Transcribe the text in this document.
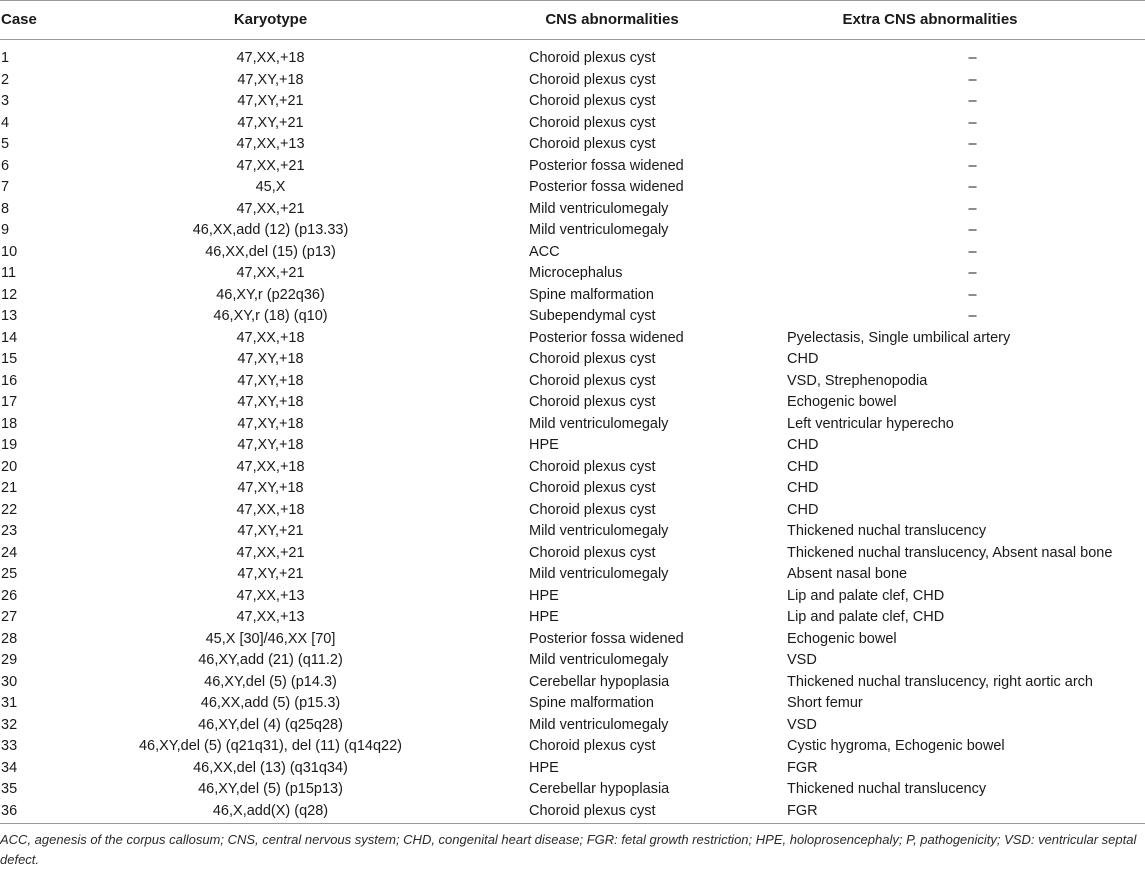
Case	Karyotype	CNS abnormalities	Extra CNS abnormalities
1	47,XX,+18	Choroid plexus cyst	–
2	47,XY,+18	Choroid plexus cyst	–
3	47,XY,+21	Choroid plexus cyst	–
4	47,XY,+21	Choroid plexus cyst	–
5	47,XX,+13	Choroid plexus cyst	–
6	47,XX,+21	Posterior fossa widened	–
7	45,X	Posterior fossa widened	–
8	47,XX,+21	Mild ventriculomegaly	–
9	46,XX,add (12) (p13.33)	Mild ventriculomegaly	–
10	46,XX,del (15) (p13)	ACC	–
11	47,XX,+21	Microcephalus	–
12	46,XY,r (p22q36)	Spine malformation	–
13	46,XY,r (18) (q10)	Subependymal cyst	–
14	47,XX,+18	Posterior fossa widened	Pyelectasis, Single umbilical artery
15	47,XY,+18	Choroid plexus cyst	CHD
16	47,XY,+18	Choroid plexus cyst	VSD, Strephenopodia
17	47,XY,+18	Choroid plexus cyst	Echogenic bowel
18	47,XY,+18	Mild ventriculomegaly	Left ventricular hyperecho
19	47,XY,+18	HPE	CHD
20	47,XX,+18	Choroid plexus cyst	CHD
21	47,XY,+18	Choroid plexus cyst	CHD
22	47,XX,+18	Choroid plexus cyst	CHD
23	47,XY,+21	Mild ventriculomegaly	Thickened nuchal translucency
24	47,XX,+21	Choroid plexus cyst	Thickened nuchal translucency, Absent nasal bone
25	47,XY,+21	Mild ventriculomegaly	Absent nasal bone
26	47,XX,+13	HPE	Lip and palate clef, CHD
27	47,XX,+13	HPE	Lip and palate clef, CHD
28	45,X [30]/46,XX [70]	Posterior fossa widened	Echogenic bowel
29	46,XY,add (21) (q11.2)	Mild ventriculomegaly	VSD
30	46,XY,del (5) (p14.3)	Cerebellar hypoplasia	Thickened nuchal translucency, right aortic arch
31	46,XX,add (5) (p15.3)	Spine malformation	Short femur
32	46,XY,del (4) (q25q28)	Mild ventriculomegaly	VSD
33	46,XY,del (5) (q21q31), del (11) (q14q22)	Choroid plexus cyst	Cystic hygroma, Echogenic bowel
34	46,XX,del (13) (q31q34)	HPE	FGR
35	46,XY,del (5) (p15p13)	Cerebellar hypoplasia	Thickened nuchal translucency
36	46,X,add(X) (q28)	Choroid plexus cyst	FGR
ACC, agenesis of the corpus callosum; CNS, central nervous system; CHD, congenital heart disease; FGR: fetal growth restriction; HPE, holoprosencephaly; P, pathogenicity; VSD: ventricular septal defect.
